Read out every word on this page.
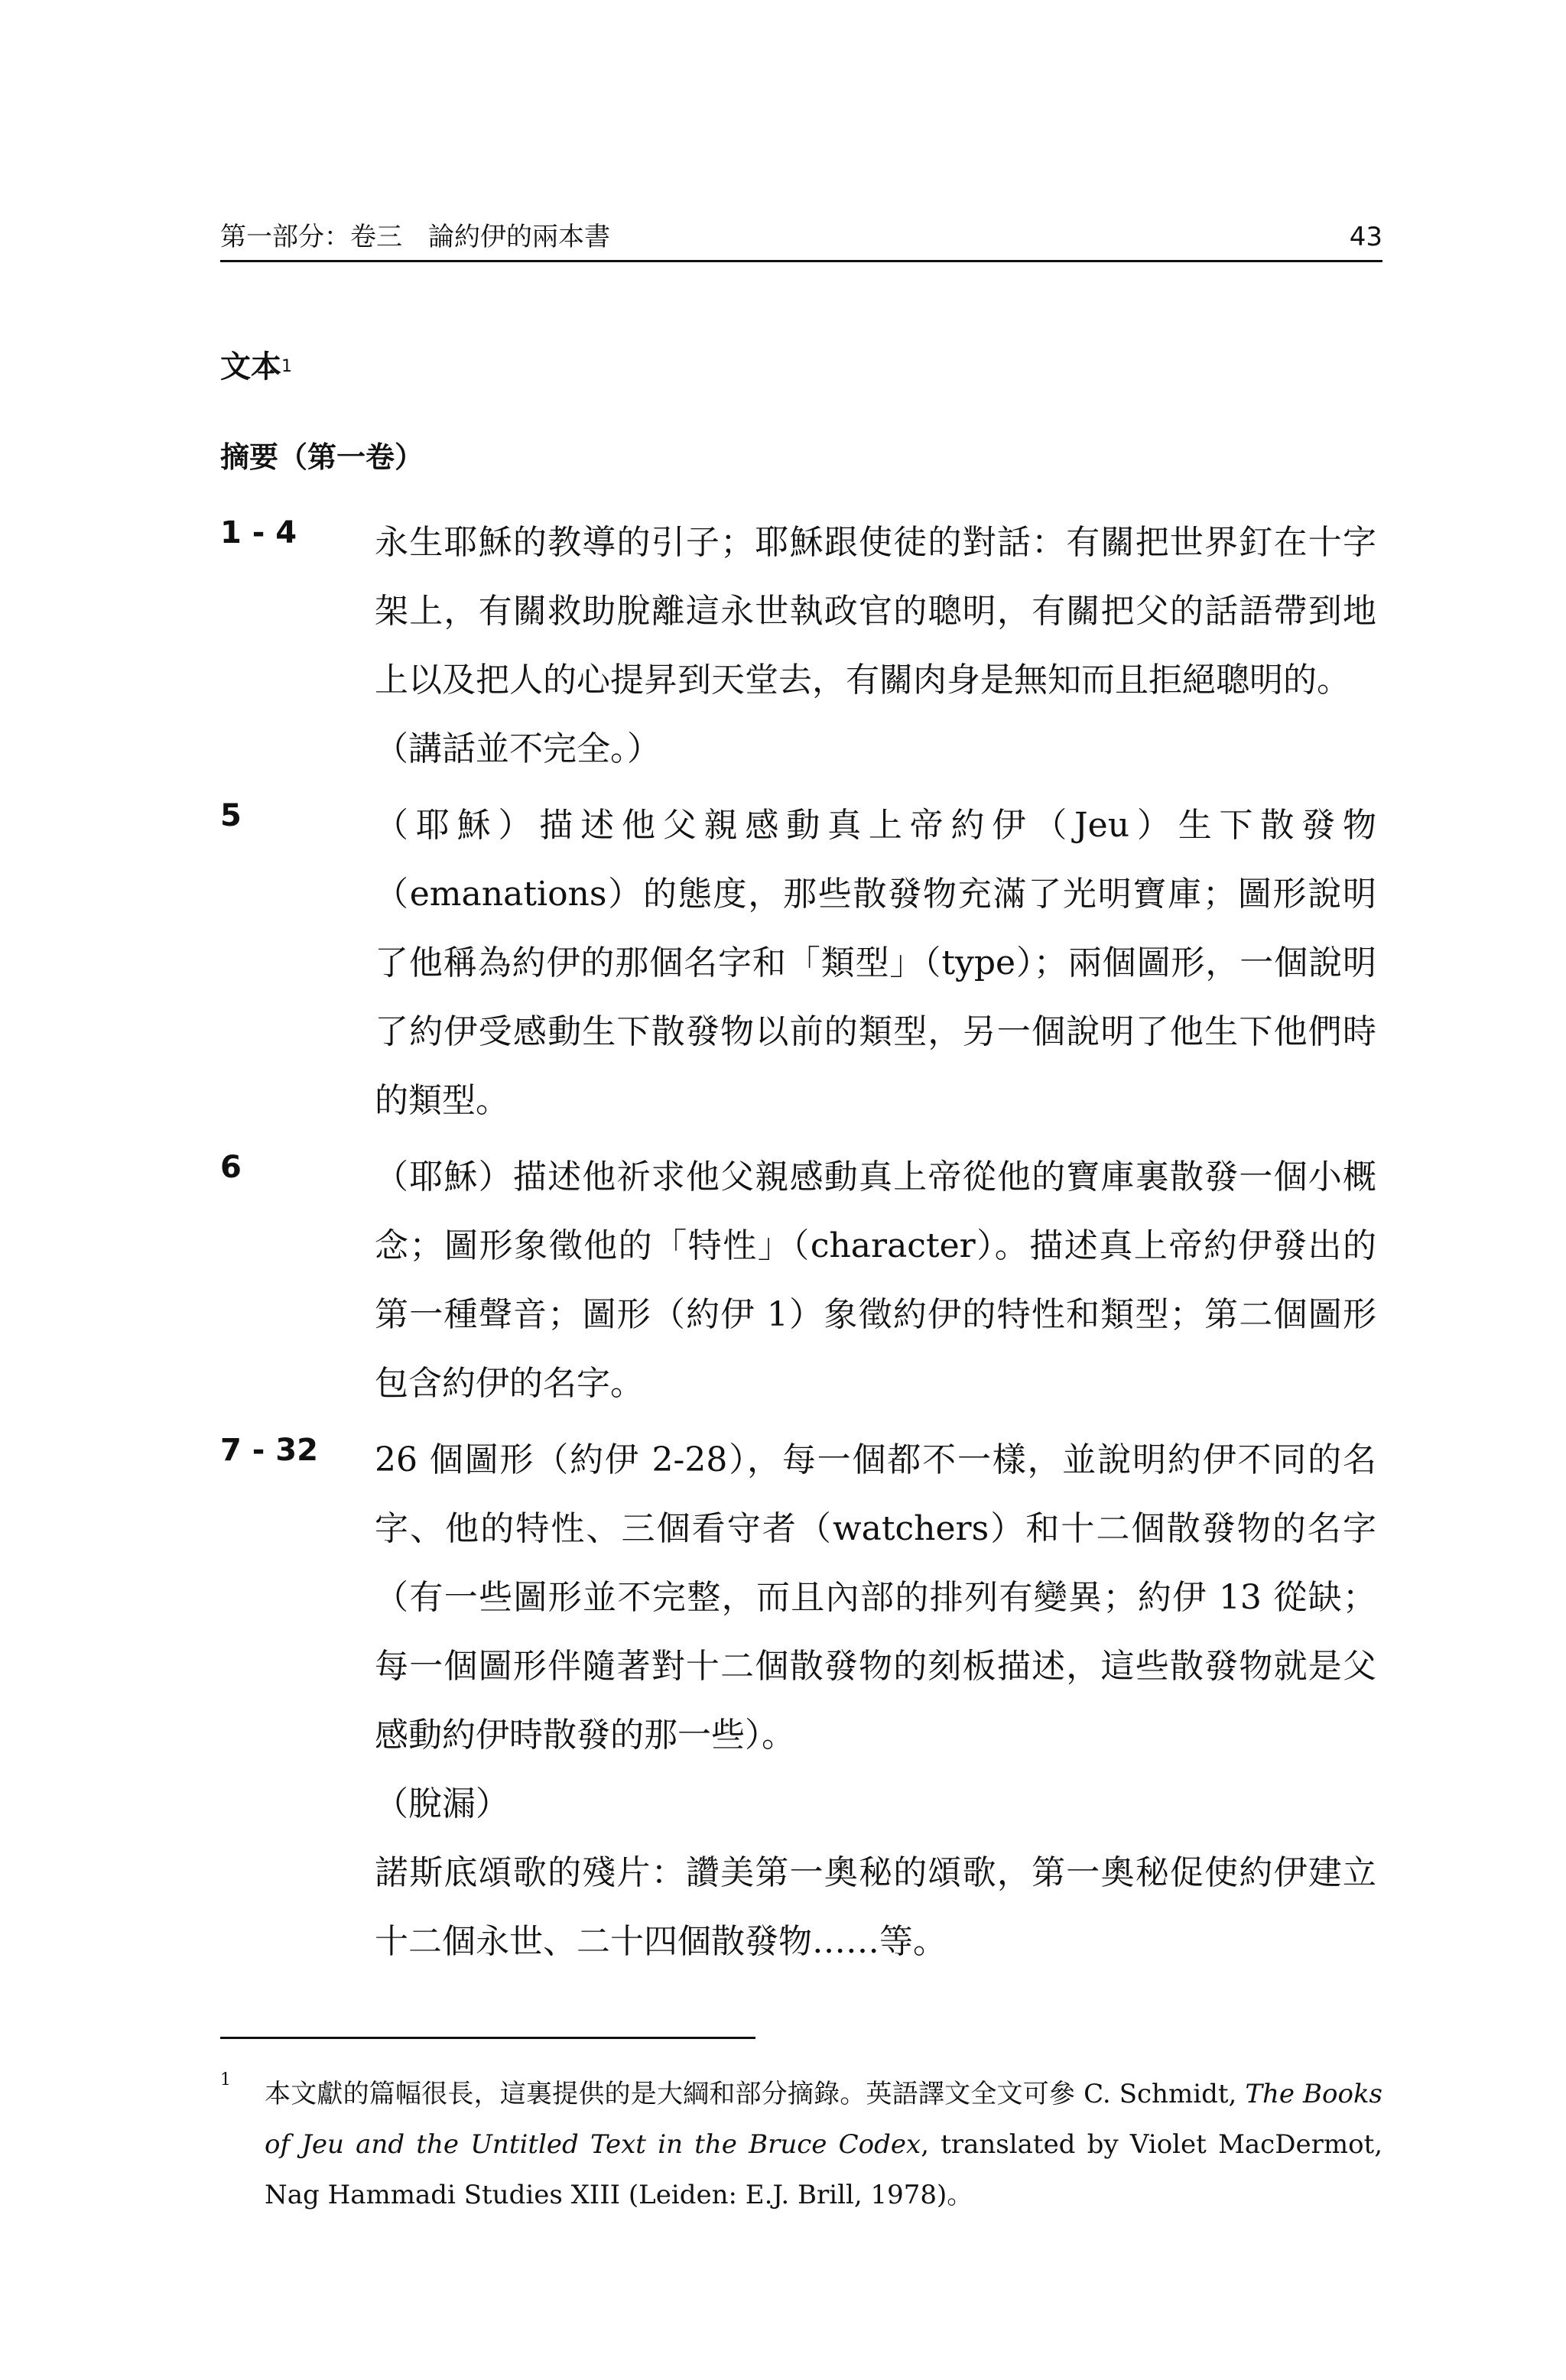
第一部分：卷三　論約伊的兩本書	43
文本$^1$
摘要（第一卷）
1 - 4	永生耶穌的教導的引子；耶穌跟使徒的對話：有關把世界釘在十字架上，有關救助脫離這永世執政官的聰明，有關把父的話語帶到地上以及把人的心提昇到天堂去，有關肉身是無知而且拒絕聰明的。

（講話並不完全。）

5	（耶穌）描述他父親感動真上帝約伊（Jeu）生下散發物（emanations）的態度，那些散發物充滿了光明寶庫；圖形說明了他稱為約伊的那個名字和「類型」（type）；兩個圖形，一個說明了約伊受感動生下散發物以前的類型，另一個說明了他生下他們時的類型。

6	（耶穌）描述他祈求他父親感動真上帝從他的寶庫裏散發一個小概念；圖形象徵他的「特性」（character）。描述真上帝約伊發出的第一種聲音；圖形（約伊 1）象徵約伊的特性和類型；第二個圖形包含約伊的名字。

7 - 32	26 個圖形（約伊 2-28），每一個都不一樣，並說明約伊不同的名字、他的特性、三個看守者（watchers）和十二個散發物的名字（有一些圖形並不完整，而且內部的排列有變異；約伊 13 從缺；每一個圖形伴隨著對十二個散發物的刻板描述，這些散發物就是父感動約伊時散發的那一些）。

（脫漏）

諾斯底頌歌的殘片：讚美第一奧秘的頌歌，第一奧秘促使約伊建立十二個永世、二十四個散發物……等。

1	本文獻的篇幅很長，這裏提供的是大綱和部分摘錄。英語譯文全文可參 C. Schmidt, The Books of Jeu and the Untitled Text in the Bruce Codex, translated by Violet MacDermot, Nag Hammadi Studies XIII (Leiden: E.J. Brill, 1978)。
